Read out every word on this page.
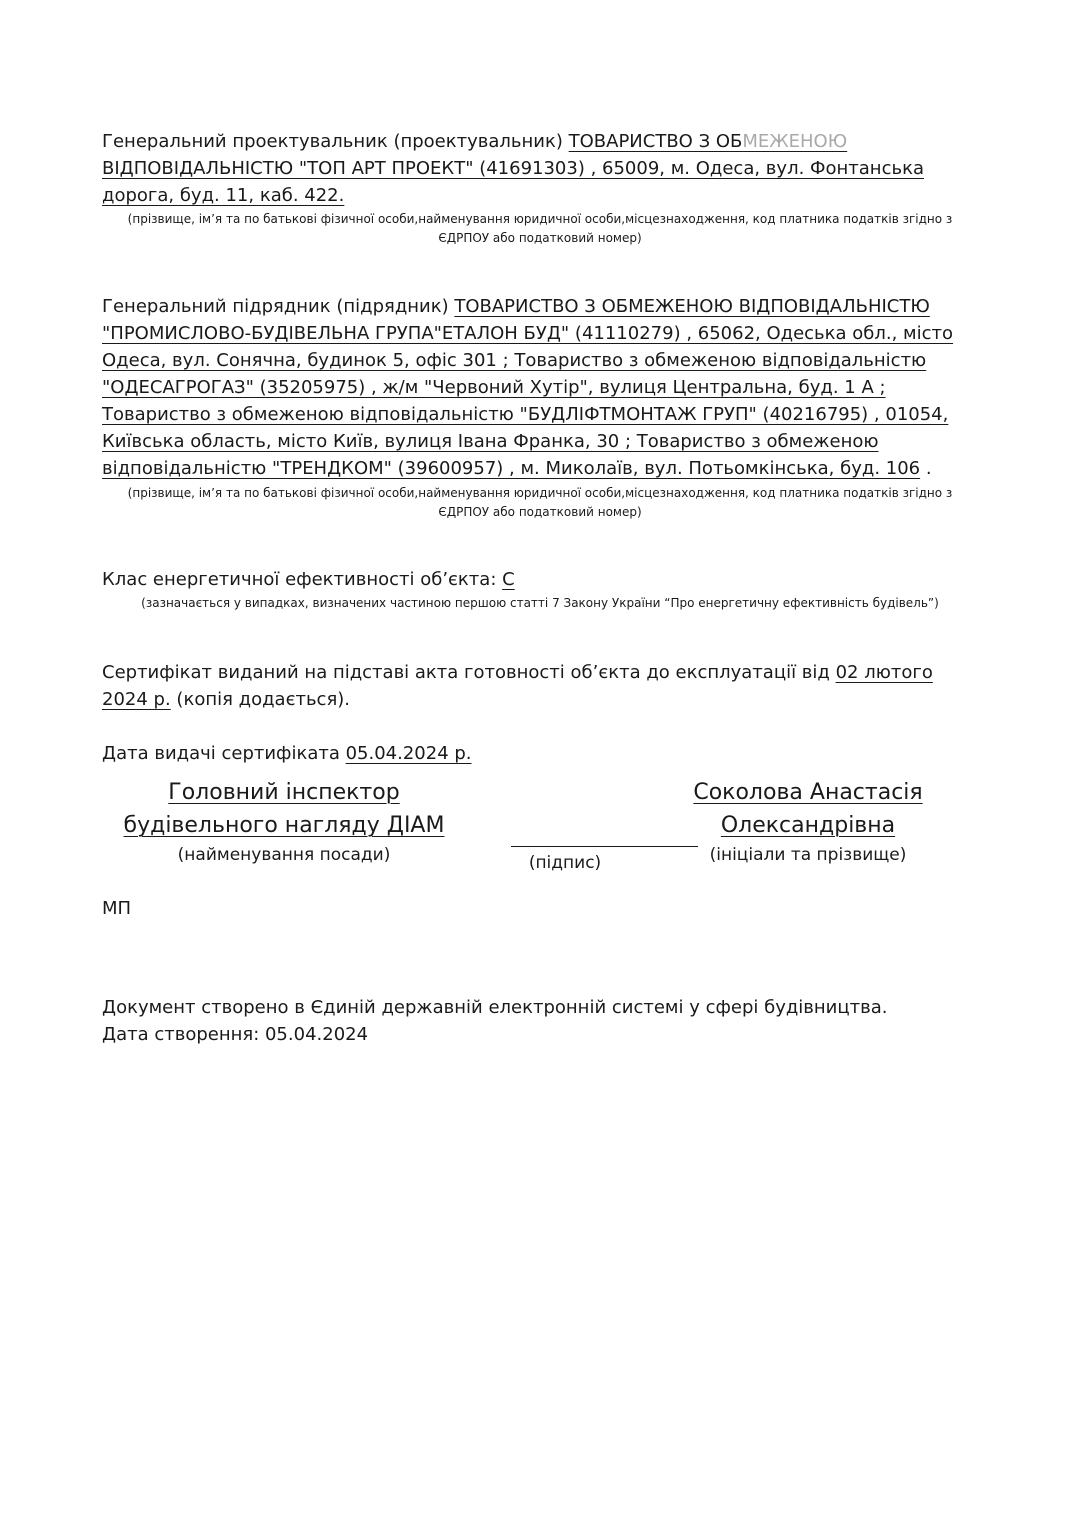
Генеральний проектувальник (проектувальник) ТОВАРИСТВО З ОБМЕЖЕНОЮ ВІДПОВІДАЛЬНІСТЮ "ТОП АРТ ПРОЕКТ" (41691303) , 65009, м. Одеса, вул. Фонтанська дорога, буд. 11, каб. 422.
(прізвище, ім’я та по батькові фізичної особи,найменування юридичної особи,місцезнаходження, код платника податків згідно з ЄДРПОУ або податковий номер)
Генеральний підрядник (підрядник) ТОВАРИСТВО З ОБМЕЖЕНОЮ ВІДПОВІДАЛЬНІСТЮ "ПРОМИСЛОВО-БУДІВЕЛЬНА ГРУПА"ЕТАЛОН БУД" (41110279) , 65062, Одеська обл., місто Одеса, вул. Сонячна, будинок 5, офіс 301 ; Товариство з обмеженою відповідальністю "ОДЕСАГРОГАЗ" (35205975) , ж/м "Червоний Хутір", вулиця Центральна, буд. 1 А ; Товариство з обмеженою відповідальністю "БУДЛІФТМОНТАЖ ГРУП" (40216795) , 01054, Київська область, місто Київ, вулиця Івана Франка, 30 ; Товариство з обмеженою відповідальністю "ТРЕНДКОМ" (39600957) , м. Миколаїв, вул. Потьомкінська, буд. 106 .
(прізвище, ім’я та по батькові фізичної особи,найменування юридичної особи,місцезнаходження, код платника податків згідно з ЄДРПОУ або податковий номер)
Клас енергетичної ефективності об’єкта: С
(зазначається у випадках, визначених частиною першою статті 7 Закону України “Про енергетичну ефективність будівель”)
Сертифікат виданий на підставі акта готовності об’єкта до експлуатації від 02 лютого 2024 р. (копія додається).
Дата видачі сертифіката 05.04.2024 р.
Головний інспектор
будівельного нагляду ДІАМ
(найменування посади)	(підпис)
Соколова Анастасія
Олександрівна
(ініціали та прізвище)
МП
Документ створено в Єдиній державній електронній системі у сфері будівництва.
Дата створення: 05.04.2024
